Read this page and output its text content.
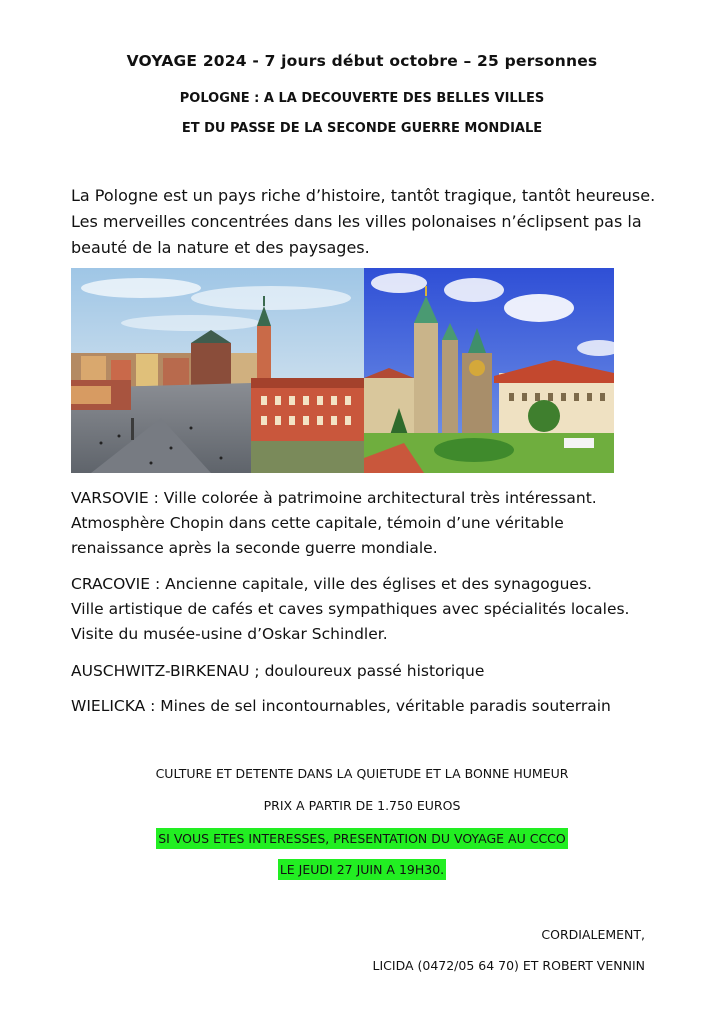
VOYAGE 2024 - 7 jours début octobre – 25 personnes
POLOGNE : A LA DECOUVERTE DES BELLES VILLES
ET DU PASSE DE LA SECONDE GUERRE MONDIALE
La Pologne est un pays riche d’histoire, tantôt tragique, tantôt heureuse.
Les merveilles concentrées dans les villes polonaises n’éclipsent pas la
beauté de la nature et des paysages.
VARSOVIE : Ville colorée à patrimoine architectural très intéressant.
Atmosphère Chopin dans cette capitale, témoin d’une véritable
renaissance après la seconde guerre mondiale.
CRACOVIE : Ancienne capitale, ville des églises et des synagogues.
Ville artistique de cafés et caves sympathiques avec spécialités locales.
Visite du musée-usine d’Oskar Schindler.
AUSCHWITZ-BIRKENAU ; douloureux passé historique
WIELICKA : Mines de sel incontournables, véritable paradis souterrain
CULTURE ET DETENTE DANS LA QUIETUDE ET LA BONNE HUMEUR
PRIX A PARTIR DE 1.750 EUROS
SI VOUS ETES INTERESSES, PRESENTATION DU VOYAGE AU CCCO
LE JEUDI 27 JUIN A 19H30.
CORDIALEMENT,
LICIDA (0472/05 64 70) ET ROBERT VENNIN
